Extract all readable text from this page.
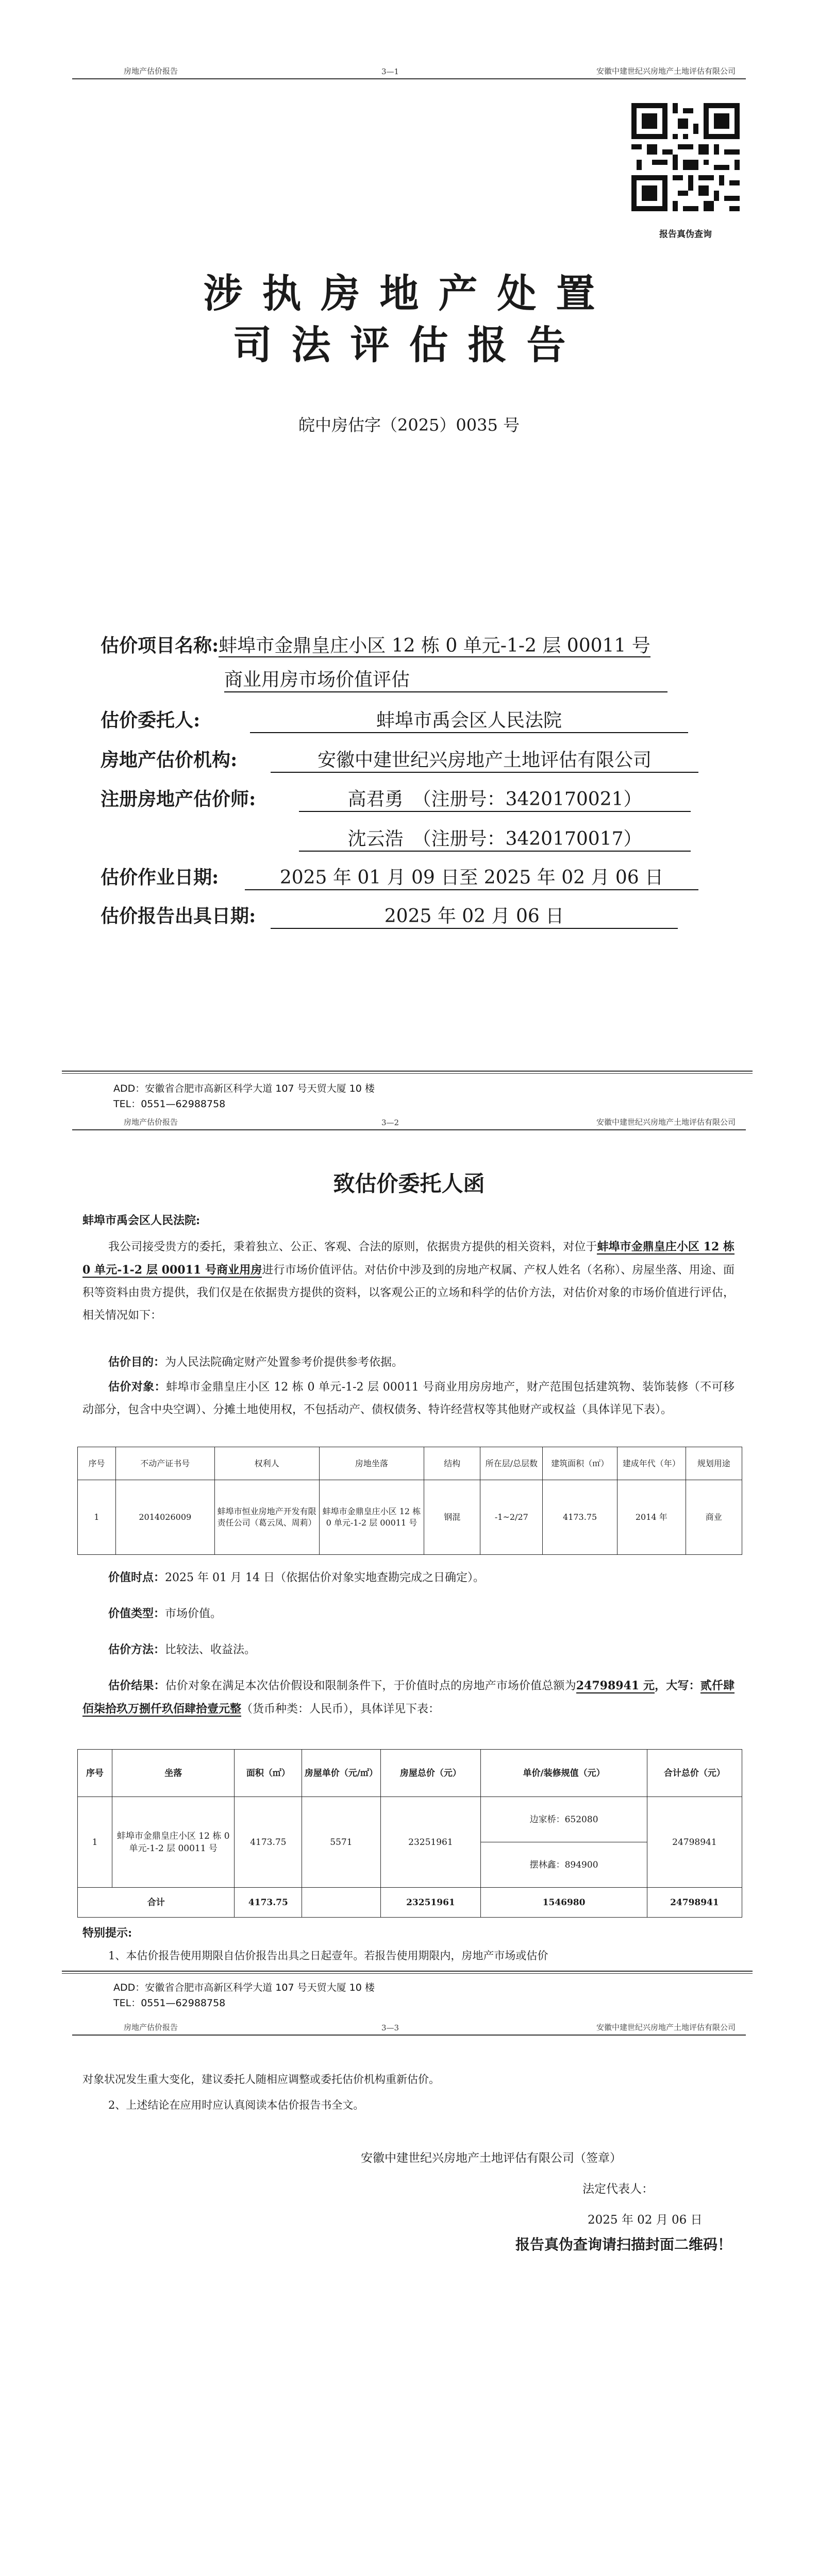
房地产估价报告	3—1	安徽中建世纪兴房地产土地评估有限公司
报告真伪查询
涉执房地产处置
司法评估报告
皖中房估字（2025）0035 号
估价项目名称:蚌埠市金鼎皇庄小区 12 栋 0 单元-1-2 层 00011 号
商业用房市场价值评估
估价委托人:	蚌埠市禹会区人民法院
房地产估价机构:	安徽中建世纪兴房地产土地评估有限公司
注册房地产估价师:	高君勇　（注册号：3420170021）
沈云浩　（注册号：3420170017）
估价作业日期:	2025 年 01 月 09 日至 2025 年 02 月 06 日
估价报告出具日期:	2025 年 02 月 06 日
ADD：安徽省合肥市高新区科学大道 107 号天贸大厦 10 楼
TEL：0551—62988758
房地产估价报告	3—2	安徽中建世纪兴房地产土地评估有限公司
致估价委托人函
蚌埠市禹会区人民法院:
我公司接受贵方的委托，秉着独立、公正、客观、合法的原则，依据贵方提供的相关资料，对位于蚌埠市金鼎皇庄小区 12 栋 0 单元-1-2 层 00011 号商业用房进行市场价值评估。对估价中涉及到的房地产权属、产权人姓名（名称）、房屋坐落、用途、面积等资料由贵方提供，我们仅是在依据贵方提供的资料，以客观公正的立场和科学的估价方法，对估价对象的市场价值进行评估，相关情况如下：
估价目的：为人民法院确定财产处置参考价提供参考依据。
估价对象：蚌埠市金鼎皇庄小区 12 栋 0 单元-1-2 层 00011 号商业用房房地产，财产范围包括建筑物、装饰装修（不可移动部分，包含中央空调）、分摊土地使用权，不包括动产、债权债务、特许经营权等其他财产或权益（具体详见下表）。
序号	不动产证书号	权利人	房地坐落	结构	所在层/总层数	建筑面积（㎡）	建成年代（年）	规划用途
1	2014026009	蚌埠市恒业房地产开发有限责任公司（葛云凤、周莉）	蚌埠市金鼎皇庄小区 12 栋 0 单元-1-2 层 00011 号	钢混	-1~2/27	4173.75	2014 年	商业
价值时点：2025 年 01 月 14 日（依据估价对象实地查勘完成之日确定）。
价值类型：市场价值。
估价方法：比较法、收益法。
估价结果：估价对象在满足本次估价假设和限制条件下，于价值时点的房地产市场价值总额为24798941 元，大写：贰仟肆佰柒拾玖万捌仟玖佰肆拾壹元整（货币种类：人民币），具体详见下表：
序号	坐落	面积（㎡）	房屋单价（元/㎡）	房屋总价（元）	单价/装修规值（元）	合计总价（元）
1	蚌埠市金鼎皇庄小区 12 栋 0 单元-1-2 层 00011 号	4173.75	5571	23251961	边家桥：652080	24798941
					摆林鑫：894900	
合计		4173.75		23251961	1546980	24798941
特别提示:
1、本估价报告使用期限自估价报告出具之日起壹年。若报告使用期限内，房地产市场或估价
ADD：安徽省合肥市高新区科学大道 107 号天贸大厦 10 楼
TEL：0551—62988758
房地产估价报告	3—3	安徽中建世纪兴房地产土地评估有限公司
对象状况发生重大变化，建议委托人随相应调整或委托估价机构重新估价。
2、上述结论在应用时应认真阅读本估价报告书全文。
安徽中建世纪兴房地产土地评估有限公司（签章）
法定代表人：
2025 年 02 月 06 日
报告真伪查询请扫描封面二维码！
